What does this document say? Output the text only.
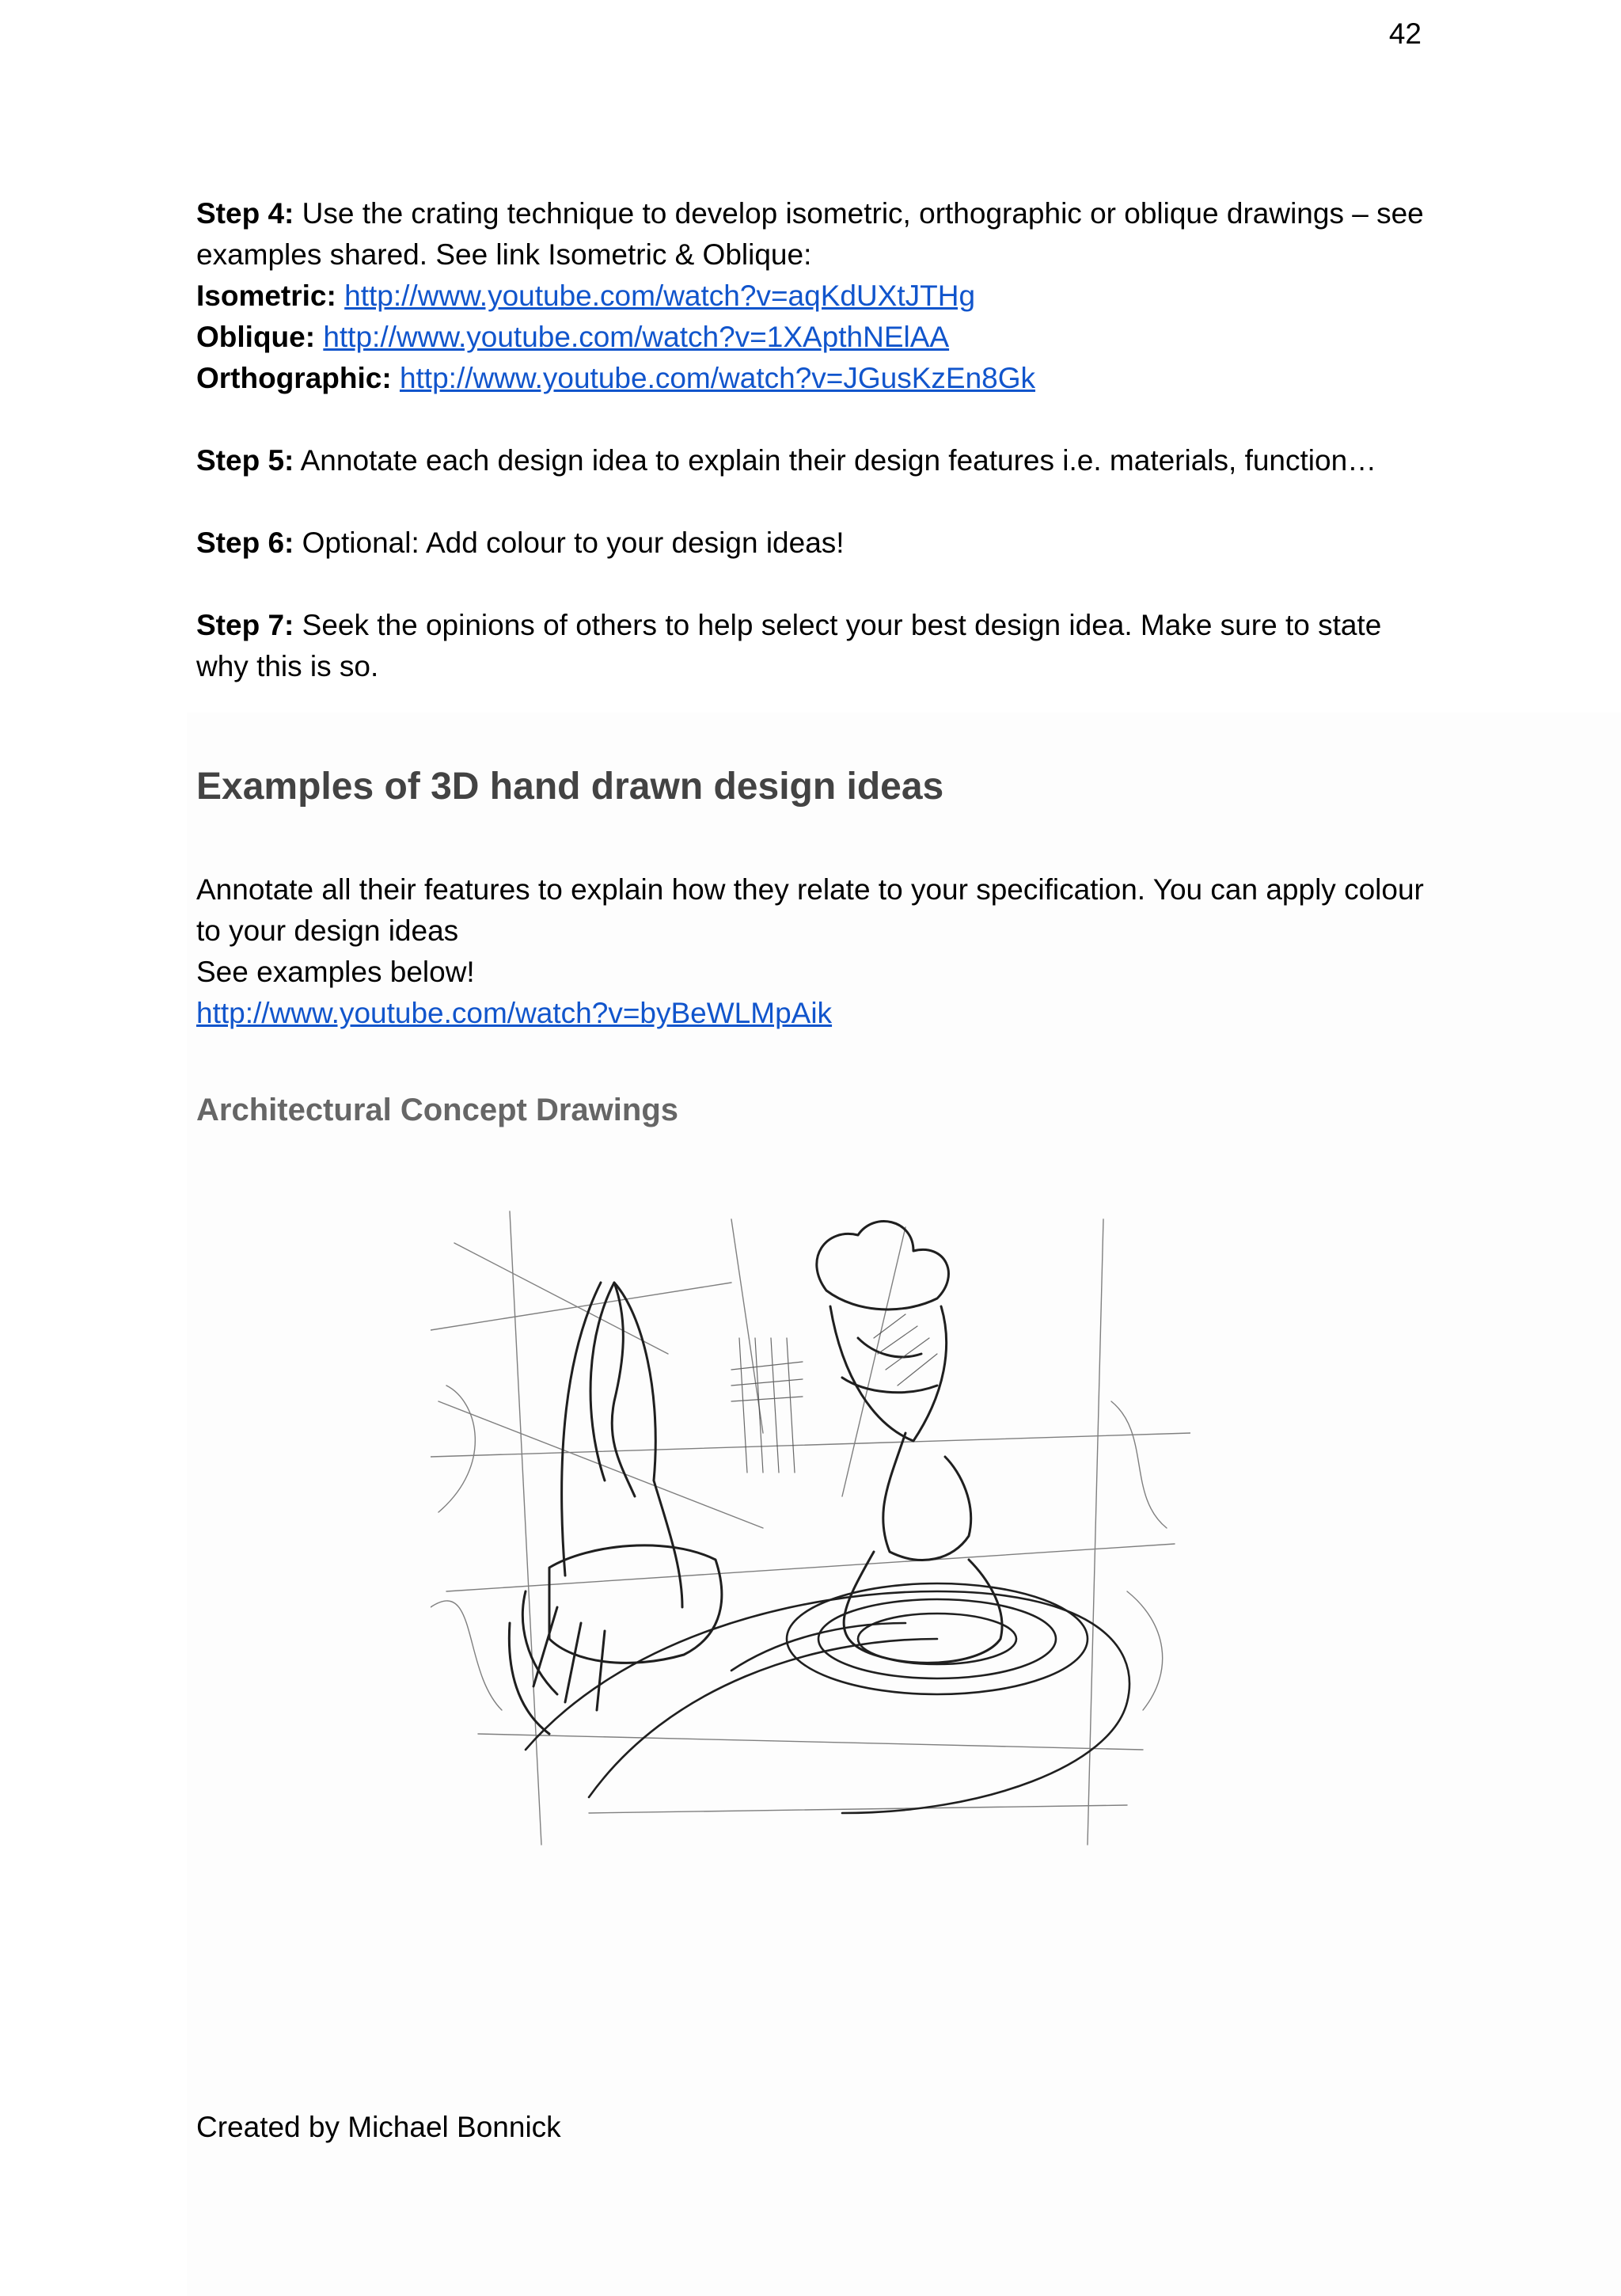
42

Step 4: Use the crating technique to develop isometric, orthographic or oblique drawings – see examples shared. See link Isometric & Oblique:

Isometric: http://www.youtube.com/watch?v=aqKdUXtJTHg

Oblique: http://www.youtube.com/watch?v=1XApthNElAA

Orthographic: http://www.youtube.com/watch?v=JGusKzEn8Gk

Step 5: Annotate each design idea to explain their design features i.e. materials, function…

Step 6: Optional: Add colour to your design ideas!

Step 7: Seek the opinions of others to help select your best design idea. Make sure to state why this is so.

Examples of 3D hand drawn design ideas

Annotate all their features to explain how they relate to your specification. You can apply colour to your design ideas

See examples below!

http://www.youtube.com/watch?v=byBeWLMpAik

Architectural Concept Drawings
Created by Michael Bonnick
